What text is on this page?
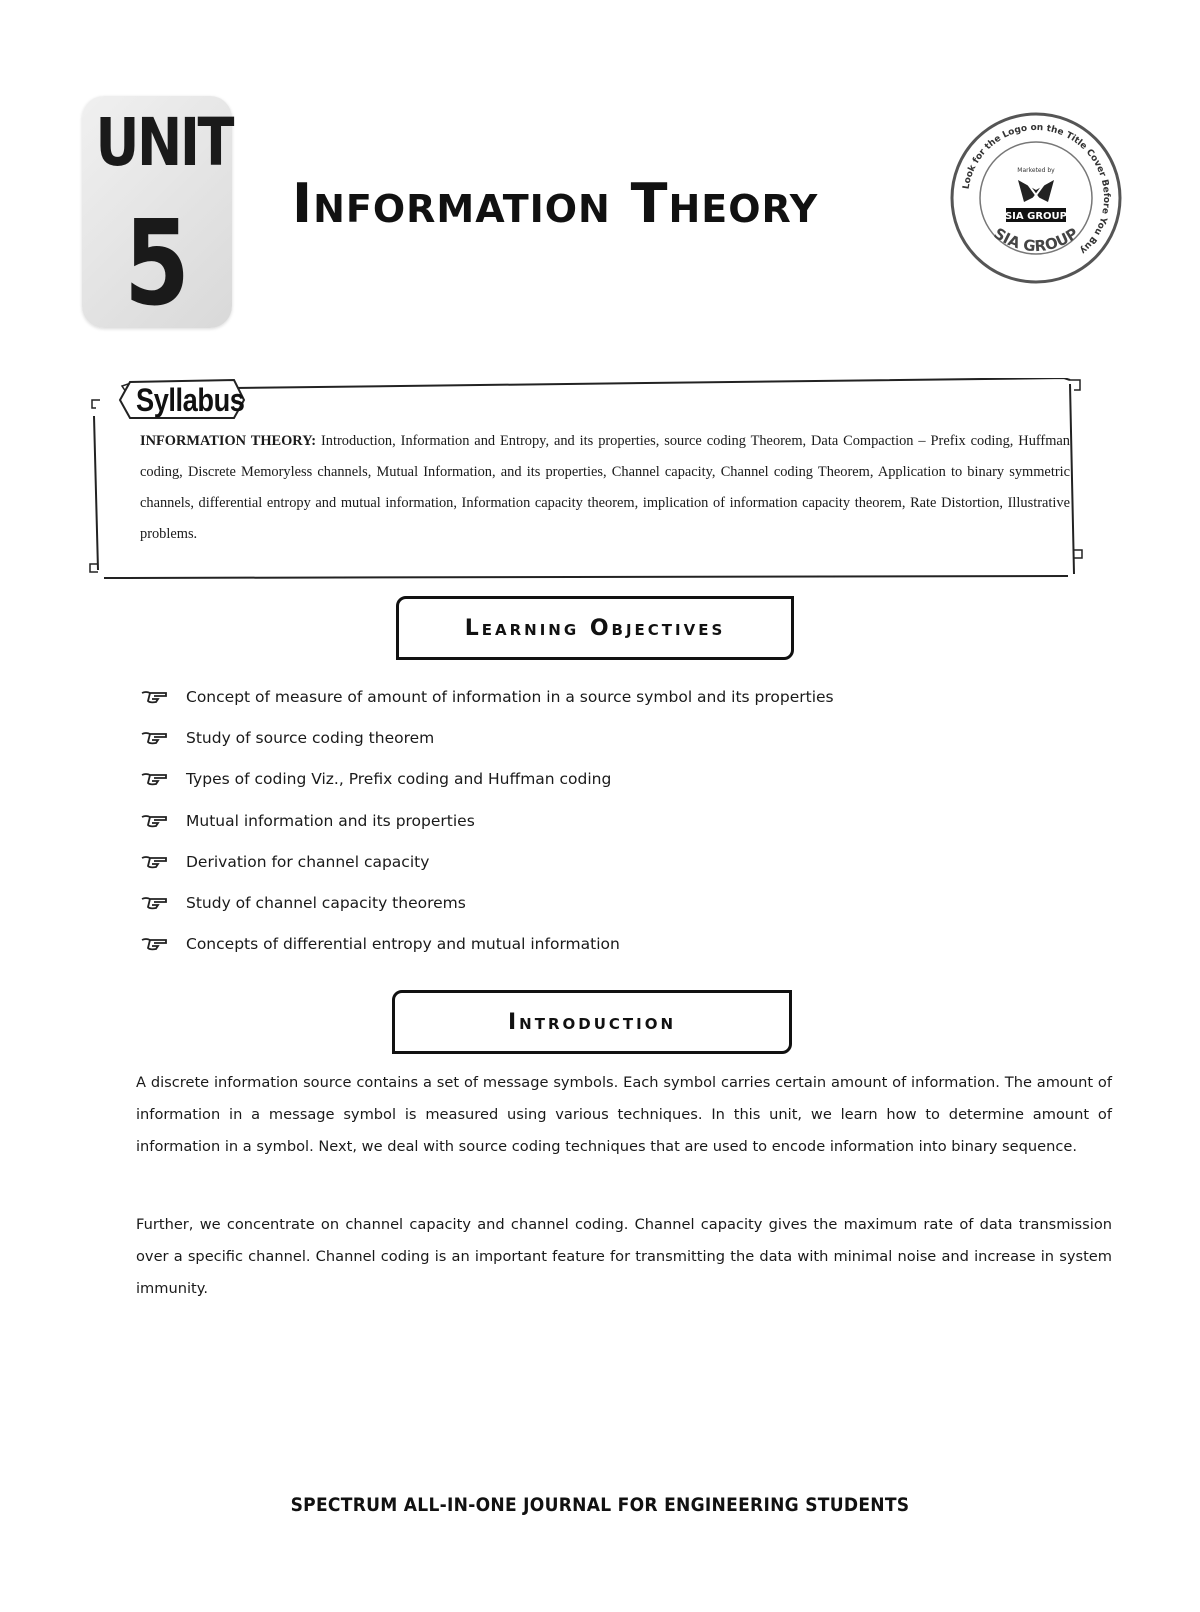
UNIT
5	Information Theory	Look for the Logo on the Title Cover Before You Buy
Marketed by
SIA GROUP
SIA GROUP
Syllabus
INFORMATION THEORY: Introduction, Information and Entropy, and its properties, source coding Theorem, Data Compaction – Prefix coding, Huffman coding, Discrete Memoryless channels, Mutual Information, and its properties, Channel capacity, Channel coding Theorem, Application to binary symmetric channels, differential entropy and mutual information, Information capacity theorem, implication of information capacity theorem, Rate Distortion, Illustrative problems.
Learning Objectives
Concept of measure of amount of information in a source symbol and its properties
Study of source coding theorem
Types of coding Viz., Prefix coding and Huffman coding
Mutual information and its properties
Derivation for channel capacity
Study of channel capacity theorems
Concepts of differential entropy and mutual information
Introduction

A discrete information source contains a set of message symbols. Each symbol carries certain amount of information. The amount of information in a message symbol is measured using various techniques. In this unit, we learn how to determine amount of information in a symbol. Next, we deal with source coding techniques that are used to encode information into binary sequence.

Further, we concentrate on channel capacity and channel coding. Channel capacity gives the maximum rate of data transmission over a specific channel. Channel coding is an important feature for transmitting the data with minimal noise and increase in system immunity.

SPECTRUM ALL-IN-ONE JOURNAL FOR ENGINEERING STUDENTS
